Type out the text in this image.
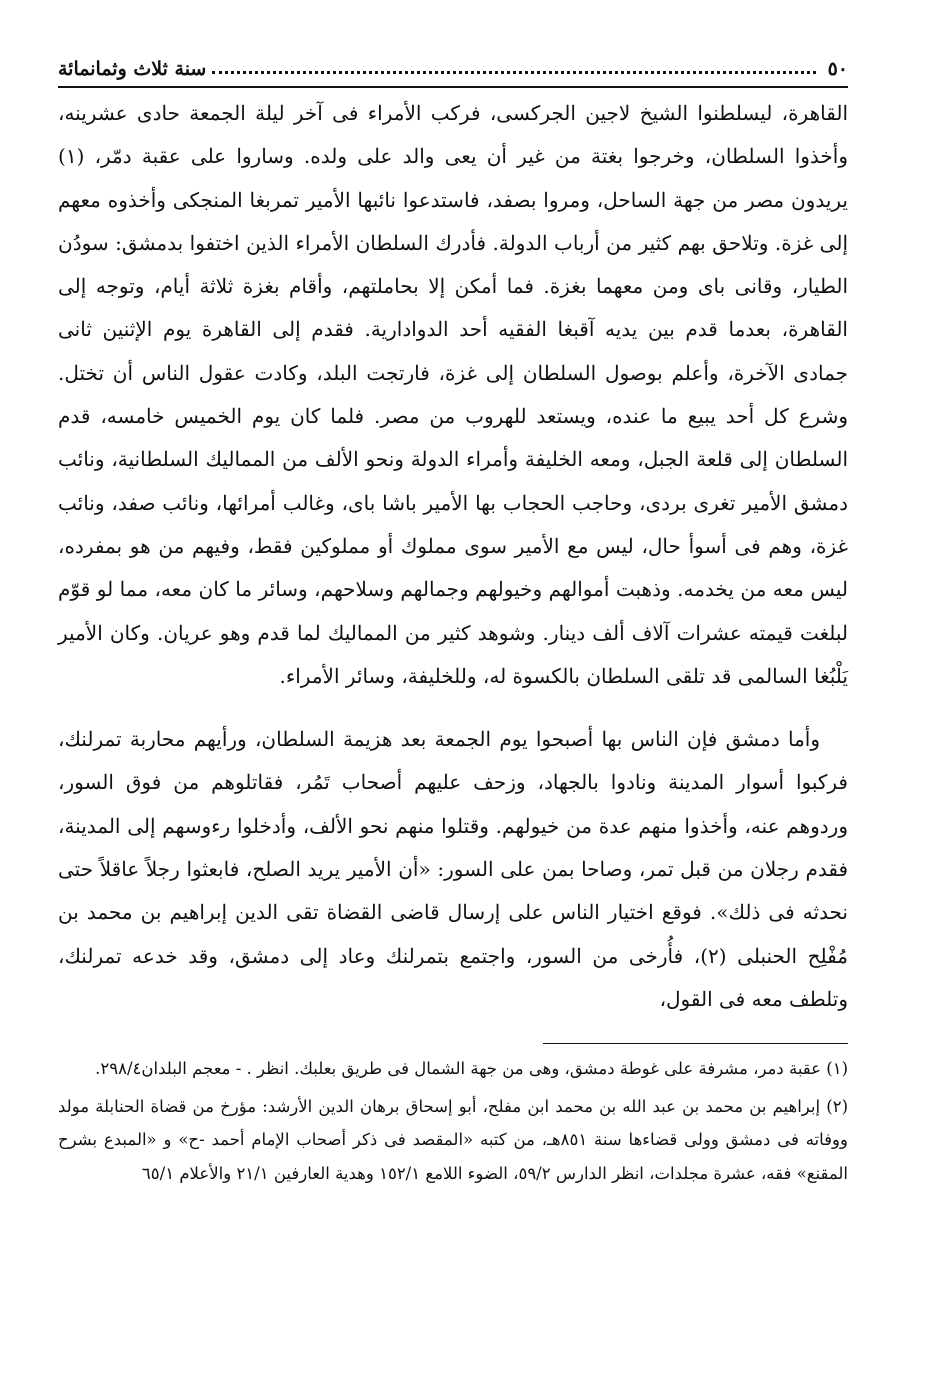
٥٠
سنة ثلاث وثمانمائة

القاهرة، ليسلطنوا الشيخ لاجين الجركسى، فركب الأمراء فى آخر ليلة الجمعة حادى عشرينه، وأخذوا السلطان، وخرجوا بغتة من غير أن يعى والد على ولده. وساروا على عقبة دمّر، (١) يريدون مصر من جهة الساحل، ومروا بصفد، فاستدعوا نائبها الأمير تمربغا المنجكى وأخذوه معهم إلى غزة. وتلاحق بهم كثير من أرباب الدولة. فأدرك السلطان الأمراء الذين اختفوا بدمشق: سودُن الطيار، وقانى باى ومن معهما بغزة. فما أمكن إلا بحاملتهم، وأقام بغزة ثلاثة أيام، وتوجه إلى القاهرة، بعدما قدم بين يديه آقبغا الفقيه أحد الدوادارية. فقدم إلى القاهرة يوم الإثنين ثانى جمادى الآخرة، وأعلم بوصول السلطان إلى غزة، فارتجت البلد، وكادت عقول الناس أن تختل. وشرع كل أحد يبيع ما عنده، ويستعد للهروب من مصر. فلما كان يوم الخميس خامسه، قدم السلطان إلى قلعة الجبل، ومعه الخليفة وأمراء الدولة ونحو الألف من المماليك السلطانية، ونائب دمشق الأمير تغرى بردى، وحاجب الحجاب بها الأمير باشا باى، وغالب أمرائها، ونائب صفد، ونائب غزة، وهم فى أسوأ حال، ليس مع الأمير سوى مملوك أو مملوكين فقط، وفيهم من هو بمفرده، ليس معه من يخدمه. وذهبت أموالهم وخيولهم وجمالهم وسلاحهم، وسائر ما كان معه، مما لو قوّم لبلغت قيمته عشرات آلاف ألف دينار. وشوهد كثير من المماليك لما قدم وهو عريان. وكان الأمير يَلْبُغا السالمى قد تلقى السلطان بالكسوة له، وللخليفة، وسائر الأمراء.

وأما دمشق فإن الناس بها أصبحوا يوم الجمعة بعد هزيمة السلطان، ورأيهم محاربة تمرلنك، فركبوا أسوار المدينة ونادوا بالجهاد، وزحف عليهم أصحاب تَمُر، فقاتلوهم من فوق السور، وردوهم عنه، وأخذوا منهم عدة من خيولهم. وقتلوا منهم نحو الألف، وأدخلوا رءوسهم إلى المدينة، فقدم رجلان من قبل تمر، وصاحا بمن على السور: «أن الأمير يريد الصلح، فابعثوا رجلاً عاقلاً حتى نحدثه فى ذلك». فوقع اختيار الناس على إرسال قاضى القضاة تقى الدين إبراهيم بن محمد بن مُفْلِح الحنبلى (٢)، فأُرخى من السور، واجتمع بتمرلنك وعاد إلى دمشق، وقد خدعه تمرلنك، وتلطف معه فى القول،

(١) عقبة دمر، مشرفة على غوطة دمشق، وهى من جهة الشمال فى طريق بعلبك. انظر . - معجم البلدان٢٩٨/٤.

(٢) إبراهيم بن محمد بن عبد الله بن محمد ابن مفلح، أبو إسحاق برهان الدين الأرشد: مؤرخ من قضاة الحنابلة مولد ووفاته فى دمشق وولى قضاءها سنة ٨٥١هـ، من كتبه «المقصد فى ذكر أصحاب الإمام أحمد -ح» و «المبدع بشرح المقنع» فقه، عشرة مجلدات، انظر الدارس ٥٩/٢، الضوء اللامع ١٥٢/١ وهدية العارفين ٢١/١ والأعلام ٦٥/١
